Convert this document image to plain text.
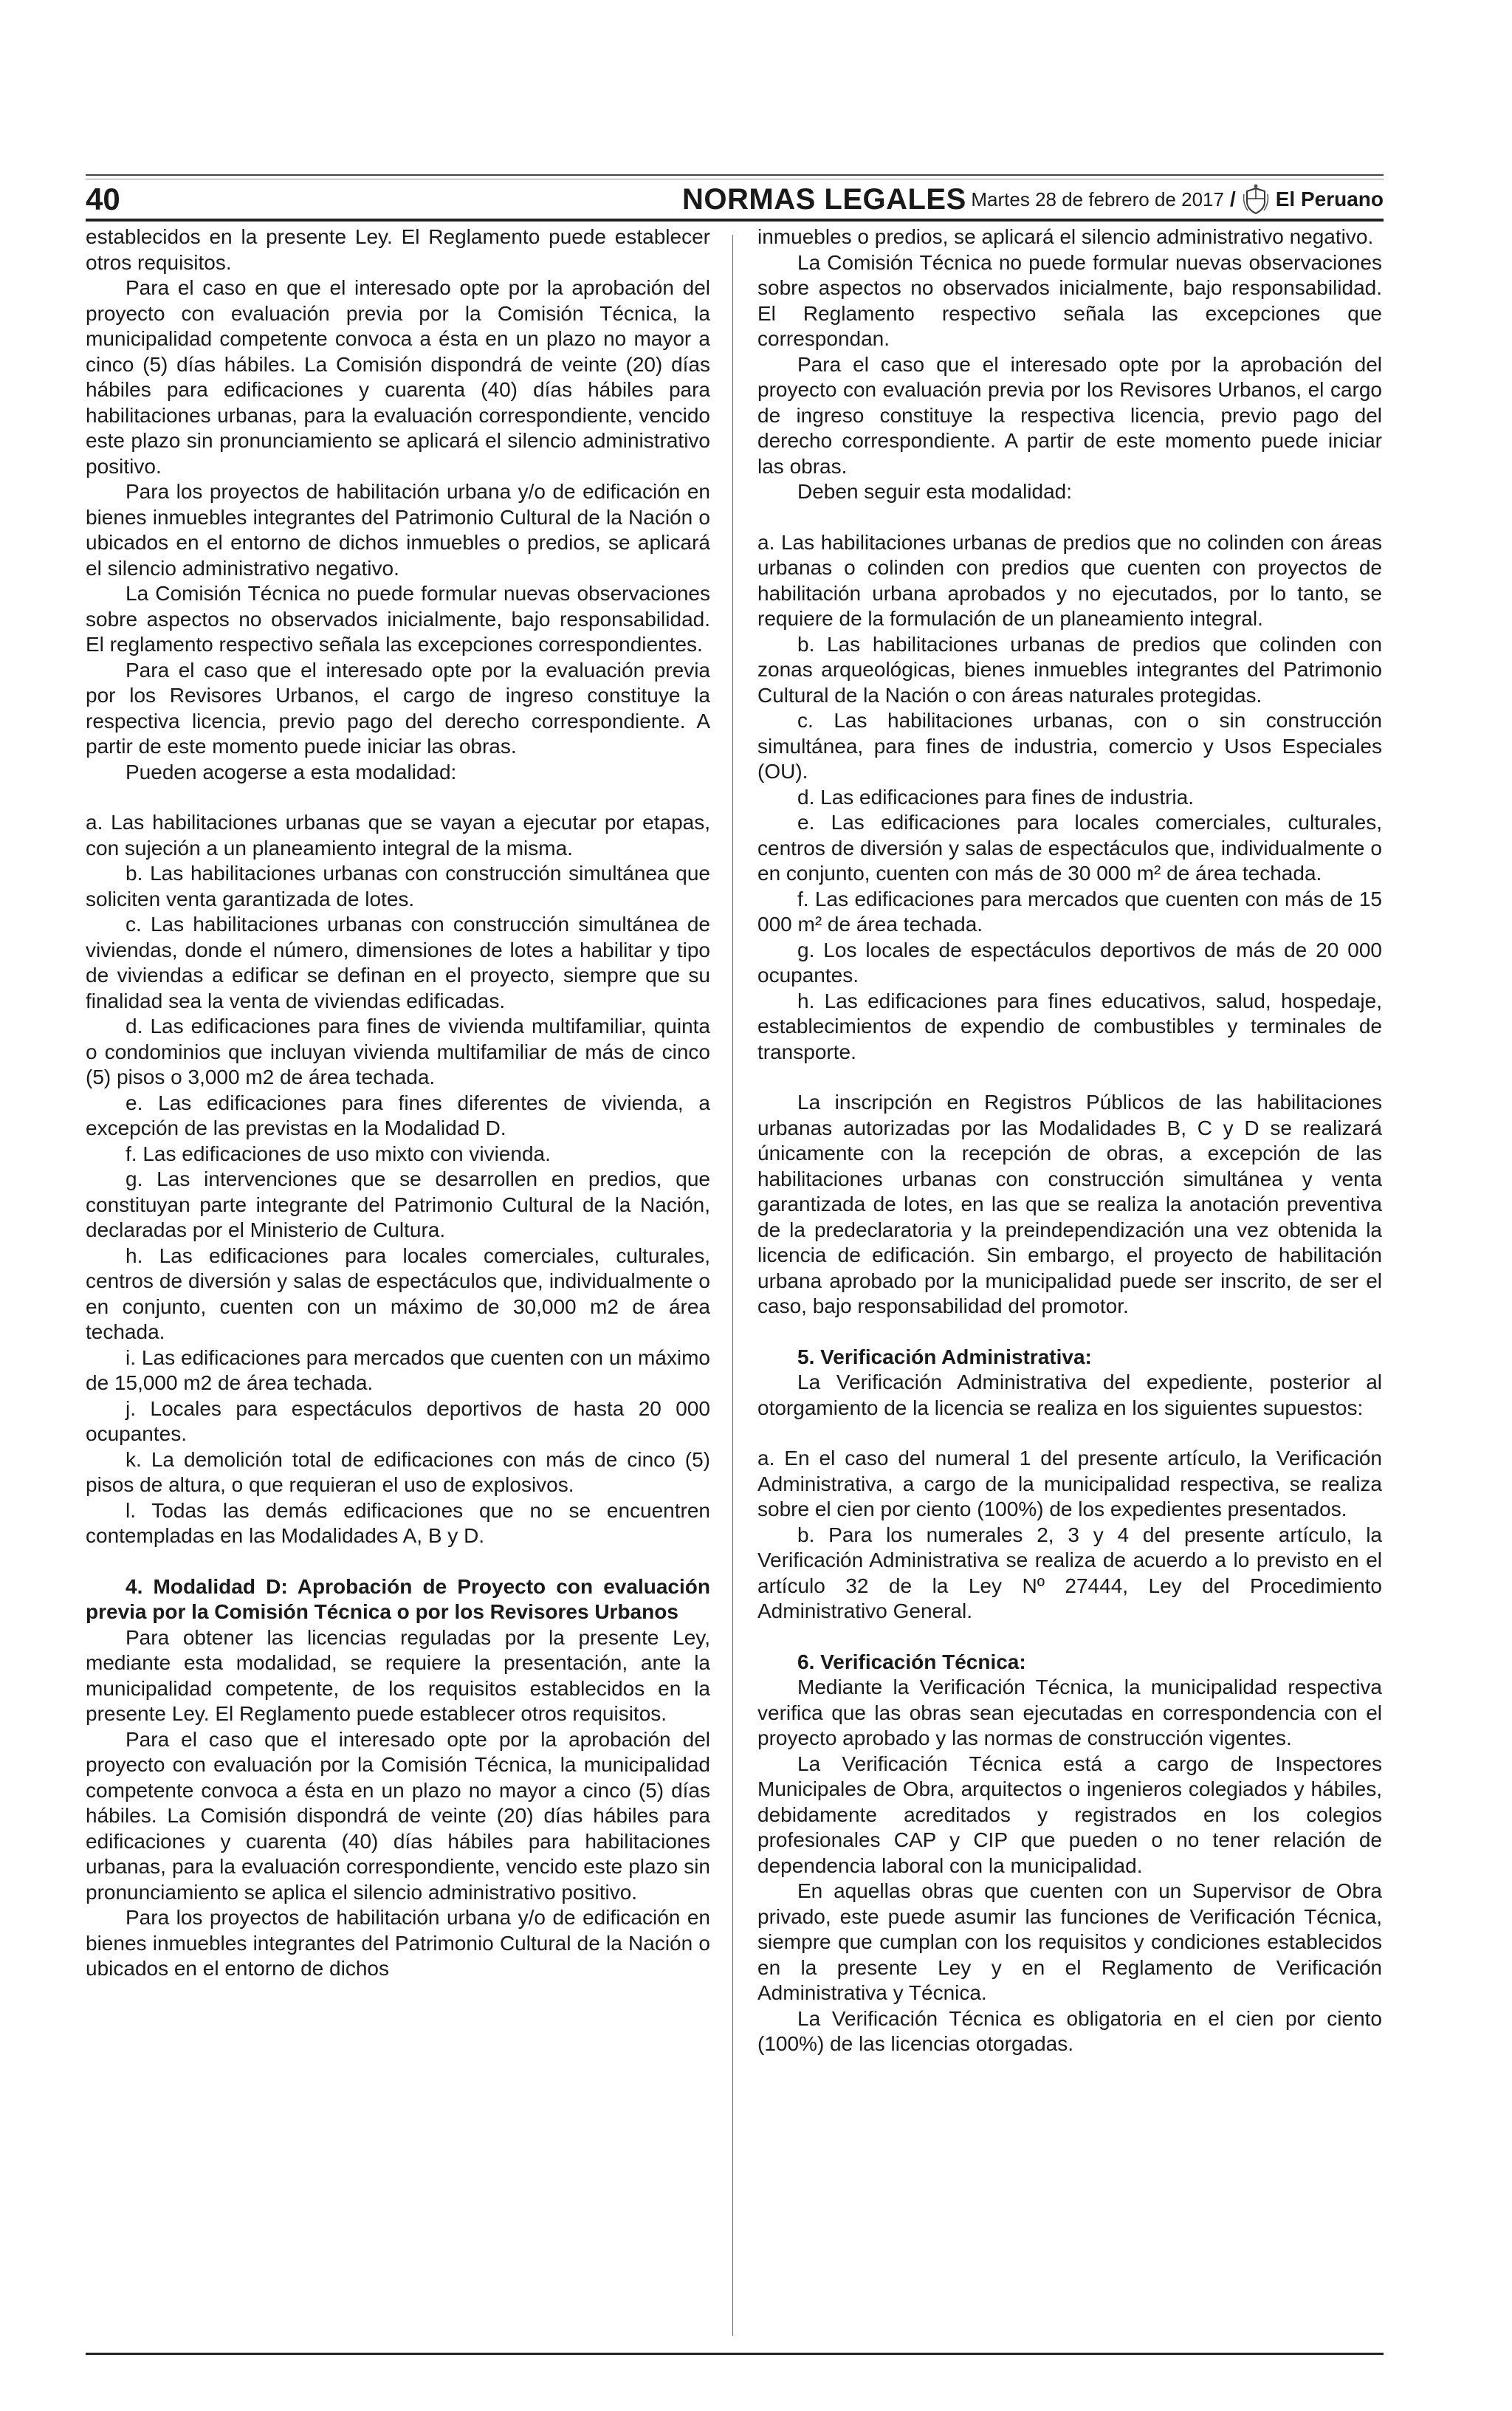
40	NORMAS LEGALES Martes 28 de febrero de 2017 / El Peruano

establecidos en la presente Ley. El Reglamento puede establecer otros requisitos.

Para el caso en que el interesado opte por la aprobación del proyecto con evaluación previa por la Comisión Técnica, la municipalidad competente convoca a ésta en un plazo no mayor a cinco (5) días hábiles. La Comisión dispondrá de veinte (20) días hábiles para edificaciones y cuarenta (40) días hábiles para habilitaciones urbanas, para la evaluación correspondiente, vencido este plazo sin pronunciamiento se aplicará el silencio administrativo positivo.

Para los proyectos de habilitación urbana y/o de edificación en bienes inmuebles integrantes del Patrimonio Cultural de la Nación o ubicados en el entorno de dichos inmuebles o predios, se aplicará el silencio administrativo negativo.

La Comisión Técnica no puede formular nuevas observaciones sobre aspectos no observados inicialmente, bajo responsabilidad. El reglamento respectivo señala las excepciones correspondientes.

Para el caso que el interesado opte por la evaluación previa por los Revisores Urbanos, el cargo de ingreso constituye la respectiva licencia, previo pago del derecho correspondiente. A partir de este momento puede iniciar las obras.

Pueden acogerse a esta modalidad:

a. Las habilitaciones urbanas que se vayan a ejecutar por etapas, con sujeción a un planeamiento integral de la misma.

b. Las habilitaciones urbanas con construcción simultánea que soliciten venta garantizada de lotes.

c. Las habilitaciones urbanas con construcción simultánea de viviendas, donde el número, dimensiones de lotes a habilitar y tipo de viviendas a edificar se definan en el proyecto, siempre que su finalidad sea la venta de viviendas edificadas.

d. Las edificaciones para fines de vivienda multifamiliar, quinta o condominios que incluyan vivienda multifamiliar de más de cinco (5) pisos o 3,000 m2 de área techada.

e. Las edificaciones para fines diferentes de vivienda, a excepción de las previstas en la Modalidad D.

f. Las edificaciones de uso mixto con vivienda.

g. Las intervenciones que se desarrollen en predios, que constituyan parte integrante del Patrimonio Cultural de la Nación, declaradas por el Ministerio de Cultura.

h. Las edificaciones para locales comerciales, culturales, centros de diversión y salas de espectáculos que, individualmente o en conjunto, cuenten con un máximo de 30,000 m2 de área techada.

i. Las edificaciones para mercados que cuenten con un máximo de 15,000 m2 de área techada.

j. Locales para espectáculos deportivos de hasta 20 000 ocupantes.

k. La demolición total de edificaciones con más de cinco (5) pisos de altura, o que requieran el uso de explosivos.

l. Todas las demás edificaciones que no se encuentren contempladas en las Modalidades A, B y D.

4. Modalidad D: Aprobación de Proyecto con evaluación previa por la Comisión Técnica o por los Revisores Urbanos

Para obtener las licencias reguladas por la presente Ley, mediante esta modalidad, se requiere la presentación, ante la municipalidad competente, de los requisitos establecidos en la presente Ley. El Reglamento puede establecer otros requisitos.

Para el caso que el interesado opte por la aprobación del proyecto con evaluación por la Comisión Técnica, la municipalidad competente convoca a ésta en un plazo no mayor a cinco (5) días hábiles. La Comisión dispondrá de veinte (20) días hábiles para edificaciones y cuarenta (40) días hábiles para habilitaciones urbanas, para la evaluación correspondiente, vencido este plazo sin pronunciamiento se aplica el silencio administrativo positivo.

Para los proyectos de habilitación urbana y/o de edificación en bienes inmuebles integrantes del Patrimonio Cultural de la Nación o ubicados en el entorno de dichos

inmuebles o predios, se aplicará el silencio administrativo negativo.

La Comisión Técnica no puede formular nuevas observaciones sobre aspectos no observados inicialmente, bajo responsabilidad. El Reglamento respectivo señala las excepciones que correspondan.

Para el caso que el interesado opte por la aprobación del proyecto con evaluación previa por los Revisores Urbanos, el cargo de ingreso constituye la respectiva licencia, previo pago del derecho correspondiente. A partir de este momento puede iniciar las obras.

Deben seguir esta modalidad:

a. Las habilitaciones urbanas de predios que no colinden con áreas urbanas o colinden con predios que cuenten con proyectos de habilitación urbana aprobados y no ejecutados, por lo tanto, se requiere de la formulación de un planeamiento integral.

b. Las habilitaciones urbanas de predios que colinden con zonas arqueológicas, bienes inmuebles integrantes del Patrimonio Cultural de la Nación o con áreas naturales protegidas.

c. Las habilitaciones urbanas, con o sin construcción simultánea, para fines de industria, comercio y Usos Especiales (OU).

d. Las edificaciones para fines de industria.

e. Las edificaciones para locales comerciales, culturales, centros de diversión y salas de espectáculos que, individualmente o en conjunto, cuenten con más de 30 000 m² de área techada.

f. Las edificaciones para mercados que cuenten con más de 15 000 m² de área techada.

g. Los locales de espectáculos deportivos de más de 20 000 ocupantes.

h. Las edificaciones para fines educativos, salud, hospedaje, establecimientos de expendio de combustibles y terminales de transporte.

La inscripción en Registros Públicos de las habilitaciones urbanas autorizadas por las Modalidades B, C y D se realizará únicamente con la recepción de obras, a excepción de las habilitaciones urbanas con construcción simultánea y venta garantizada de lotes, en las que se realiza la anotación preventiva de la predeclaratoria y la preindependización una vez obtenida la licencia de edificación. Sin embargo, el proyecto de habilitación urbana aprobado por la municipalidad puede ser inscrito, de ser el caso, bajo responsabilidad del promotor.

5. Verificación Administrativa:

La Verificación Administrativa del expediente, posterior al otorgamiento de la licencia se realiza en los siguientes supuestos:

a. En el caso del numeral 1 del presente artículo, la Verificación Administrativa, a cargo de la municipalidad respectiva, se realiza sobre el cien por ciento (100%) de los expedientes presentados.

b. Para los numerales 2, 3 y 4 del presente artículo, la Verificación Administrativa se realiza de acuerdo a lo previsto en el artículo 32 de la Ley Nº 27444, Ley del Procedimiento Administrativo General.

6. Verificación Técnica:

Mediante la Verificación Técnica, la municipalidad respectiva verifica que las obras sean ejecutadas en correspondencia con el proyecto aprobado y las normas de construcción vigentes.

La Verificación Técnica está a cargo de Inspectores Municipales de Obra, arquitectos o ingenieros colegiados y hábiles, debidamente acreditados y registrados en los colegios profesionales CAP y CIP que pueden o no tener relación de dependencia laboral con la municipalidad.

En aquellas obras que cuenten con un Supervisor de Obra privado, este puede asumir las funciones de Verificación Técnica, siempre que cumplan con los requisitos y condiciones establecidos en la presente Ley y en el Reglamento de Verificación Administrativa y Técnica.

La Verificación Técnica es obligatoria en el cien por ciento (100%) de las licencias otorgadas.
